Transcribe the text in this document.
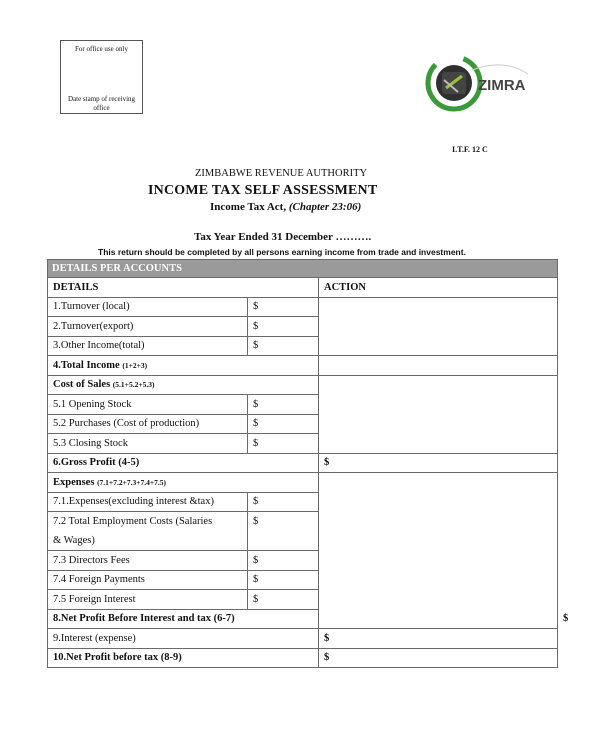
For office use only
Date stamp of receiving office
ZIMRA
I.T.F. 12 C
ZIMBABWE REVENUE AUTHORITY
INCOME TAX SELF ASSESSMENT
Income Tax Act, (Chapter 23:06)
Tax Year Ended 31 December ……….
This return should be completed by all persons earning income from trade and investment.
DETAILS PER ACCOUNTS			
DETAILS		ACTION	
1.Turnover (local)	$		
2.Turnover(export)	$		
3.Other Income(total)	$		
4.Total Income (1+2+3)			
Cost of Sales (5.1+5.2+5.3)			
5.1 Opening Stock	$		
5.2 Purchases (Cost of production)	$		
5.3 Closing Stock	$		
6.Gross Profit (4-5)		$	
Expenses (7.1+7.2+7.3+7.4+7.5)			
7.1.Expenses(excluding interest &tax)	$		
7.2 Total Employment Costs (Salaries
& Wages)	$		
7.3 Directors Fees	$		
7.4 Foreign Payments	$		
7.5 Foreign Interest	$		
8.Net Profit Before Interest and tax (6-7)			$
9.Interest (expense)		$	
10.Net Profit before tax (8-9)		$	
